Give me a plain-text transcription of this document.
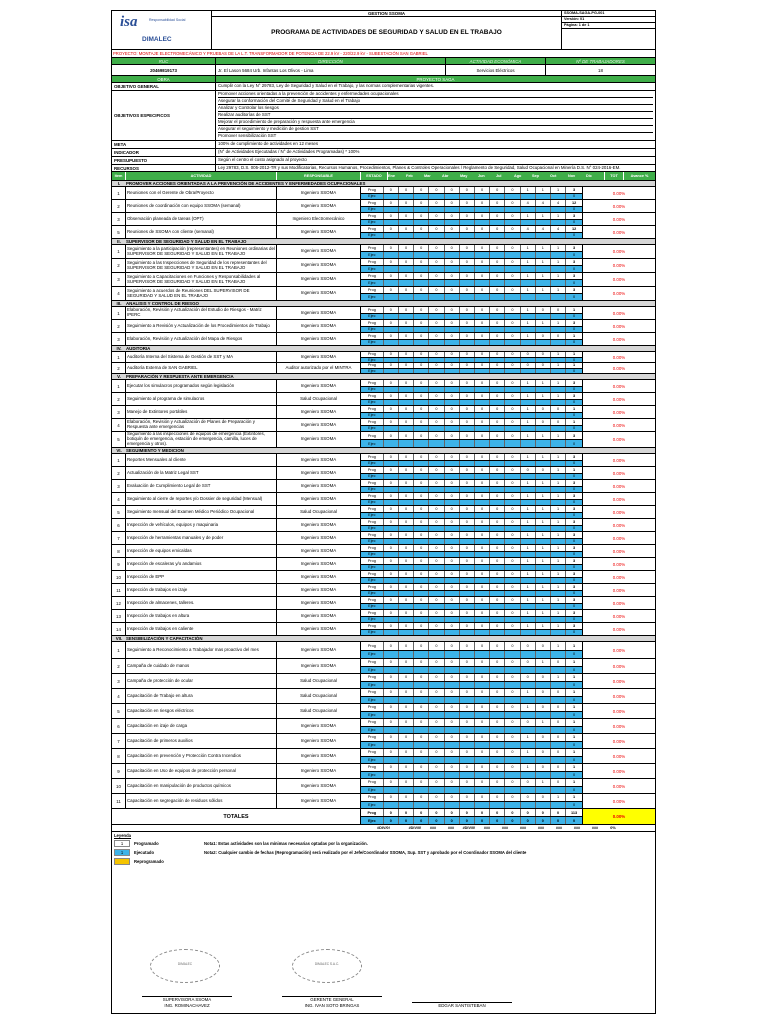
isa	Responsabilidad Social
DIMALEC
GESTION SSOMA
PROGRAMA DE ACTIVIDADES DE SEGURIDAD Y SALUD EN EL TRABAJO
SSOMA-SAGA-PG-001
Versión: 01
Página: 1 de 1
PROYECTO: MONTAJE ELECTROMECÁNICO Y PRUEBAS DE LA L.T. TRANSFORMADOR DE POTENCIA DE 22.9 kV - 220/22.9 kV - SUBESTACIÓN SAN GABRIEL
RUC	DIRECCIÓN	ACTIVIDAD ECONÓMICA	Nº DE TRABAJADORES
20469819173	Jr. El Lason 5684 Urb. Infantas Los Olivos - Lima	Servicios Eléctricos	18
OBRA	PROYECTO SAGA
OBJETIVO GENERAL	Cumplir con la Ley N° 29783, Ley de Seguridad y Salud en el Trabajo, y las normas complementarias vigentes.
OBJETIVOS ESPECIFICOS
Promover acciones orientadas a la prevención de accidentes y enfermedades ocupacionales
Asegurar la conformación del Comité de Seguridad y Salud en el Trabajo
Analizar y Controlar los riesgos
Realizar auditorías de SST
Mejorar el procedimiento de preparación y respuesta ante emergencia
Asegurar el seguimiento y medición de gestion SST
Promover sensibilización SST
META	100% de cumplimiento de actividades en 12 meses
INDICADOR	(N° de Actividades Ejecutadas / N° de Actividades Programadas) * 100%
PRESUPUESTO	Según el centro el costo asignado al proyecto
RECURSOS	Ley 29783, D.S. 005-2012-TR y sus Modificatorias, Recursos Humanos, Procedimientos, Planes & Controles Operacionales / Reglamento de Seguridad, Salud Ocupacional en Minería D.S. N° 024-2016-EM.
Item	ACTIVIDAD	RESPONSABLE	ESTADO	Ene	Feb	Mar	Abr	May	Jun	Jul	Ago	Sep	Oct	Nov	Dic	TOT	Avance %
I.	PROMOVER ACCIONES ORIENTADAS A LA PREVENCIÓN DE ACCIDENTES Y ENFERMEDADES OCUPACIONALES
1	Reuniones con el Gerente de Obra/Proyecto	Ingeniero SSOMA	Prog	0	0	0	0	0	0	0	0	0	1	1	1	3
Ejec	0	0	0	0	0	0	0	0	0	0	0	0	0
0.00%
2	Reuniones de coordinación con equipo SSOMA (semanal)	Ingeniero SSOMA	Prog	0	0	0	0	0	0	0	0	0	4	4	4	12
Ejec	0	0	0	0	0	0	0	0	0	0	0	0	0
0.00%
3	Observación planeada de tareas (OPT)	Ingeniero Electromecánico	Prog	0	0	0	0	0	0	0	0	0	1	1	1	3
Ejec	0	0	0	0	0	0	0	0	0	0	0	0	0
0.00%
5	Reuniones de SSOMA con cliente (semanal)	Ingeniero SSOMA	Prog	0	0	0	0	0	0	0	0	0	4	4	4	12
Ejec	0	0	0	0	0	0	0	0	0	0	0	0	0
0.00%
II.	SUPERVISOR DE SEGURIDAD Y SALUD EN EL TRABAJO
1
Seguimiento a la participación (representantes) en Reuniones ordinarias del SUPERVISOR DE SEGURIDAD Y SALUD EN EL TRABAJO	Ingeniero SSOMA
Prog	0	0	0	0	0	0	0	0	0	1	1	1	3
Ejec	0	0	0	0	0	0	0	0	0	0	0	0	0
0.00%
2
Seguimiento a las Inspecciones de Seguridad de los representantes del SUPERVISOR DE SEGURIDAD Y SALUD EN EL TRABAJO	Ingeniero SSOMA
Prog	0	0	0	0	0	0	0	0	0	1	1	1	3
Ejec	0	0	0	0	0	0	0	0	0	0	0	0	0
0.00%
3
Seguimiento a Capacitaciones en Funciones y Responsabilidades al SUPERVISOR DE SEGURIDAD Y SALUD EN EL TRABAJO	Ingeniero SSOMA
Prog	0	0	0	0	0	0	0	0	0	1	1	1	3
Ejec	0	0	0	0	0	0	0	0	0	0	0	0	0
0.00%
4
Seguimiento a acuerdos de Reuniones DEL SUPERVISOR DE SEGURIDAD Y SALUD EN EL TRABAJO	Ingeniero SSOMA
Prog	0	0	0	0	0	0	0	0	0	1	1	1	3
Ejec	0	0	0	0	0	0	0	0	0	0	0	0	0
0.00%
III.	ANALISIS Y CONTROL DE RIESGO
1
Elaboración, Revisión y Actualización del Estudio de Riesgos - Matriz IPERC	Ingeniero SSOMA	Prog	0	0	0	0	0	0	0	0	0	1	0	0	1
Ejec	0	0	0	0	0	0	0	0	0	0	0	0	0
0.00%
2	Seguimiento a Revisión y Actualización de los Procedimientos de Trabajo	Ingeniero SSOMA	Prog	0	0	0	0	0	0	0	0	0	1	1	1	3
Ejec	0	0	0	0	0	0	0	0	0	0	0	0	0
0.00%
3	Elaboración, Revisión y Actualización del Mapa de Riesgos	Ingeniero SSOMA	Prog	0	0	0	0	0	0	0	0	0	1	0	0	1
Ejec	0	0	0	0	0	0	0	0	0	0	0	0	0
0.00%
IV.	AUDITORIA
1	Auditoría Interna del Sistema de Gestión de SST y MA	Ingeniero SSOMA	Prog	0	0	0	0	0	0	0	0	0	0	0	1	1
Ejec	0	0	0	0	0	0	0	0	0	0	0	0	0
0.00%
2	Auditoría Externa de SAN GABRIEL	Auditor autorizado por el MINTRA	Prog	0	0	0	0	0	0	0	0	0	0	0	1	1
Ejec	0	0	0	0	0	0	0	0	0	0	0	0	0
0.00%
V.	PREPARACIÓN Y RESPUESTA ANTE EMERGENCIA
1	Ejecutar los simulacros programados según legislación	Ingeniero SSOMA	Prog	0	0	0	0	0	0	0	0	0	1	1	1	3
Ejec	0	0	0	0	0	0	0	0	0	0	0	0	0
0.00%
2	Seguimiento al programa de simulacros	Salud Ocupacional	Prog	0	0	0	0	0	0	0	0	0	1	1	1	3
Ejec	0	0	0	0	0	0	0	0	0	0	0	0	0
0.00%
3	Manejo de Extintores portátiles	Ingeniero SSOMA	Prog	0	0	0	0	0	0	0	0	0	1	0	0	1
Ejec	0	0	0	0	0	0	0	0	0	0	0	0	0
0.00%
4
Elaboración, Revisión y Actualización de Planes de Preparación y Respuesta ante emergencias	Ingeniero SSOMA	Prog	0	0	0	0	0	0	0	0	0	1	0	0	1
Ejec	0	0	0	0	0	0	0	0	0	0	0	0	0
0.00%
5
Seguimiento a las inspecciones de equipos de emergencia (Extintores, botiquín de emergencia, estación de emergencia, camilla, luces de emergencia y otros).
Ingeniero SSOMA
Prog	0	0	0	0	0	0	0	0	0	1	1	1	3
Ejec	0	0	0	0	0	0	0	0	0	0	0	0	0
0.00%
VI. SEGUIMIENTO Y MEDICION
1	Reportes Mensuales al cliente	Ingeniero SSOMA	Prog	0	0	0	0	0	0	0	0	0	1	1	1	3
Ejec	0	0	0	0	0	0	0	0	0	0	0	0	0
0.00%
2	Actualización de la Matriz Legal SST	Ingeniero SSOMA	Prog	0	0	0	0	0	0	0	0	0	0	0	1	1
Ejec	0	0	0	0	0	0	0	0	0	0	0	0	0
0.00%
3	Evaluación de Cumplimiento Legal de SST	Ingeniero SSOMA	Prog	0	0	0	0	0	0	0	0	0	1	1	1	3
Ejec	0	0	0	0	0	0	0	0	0	0	0	0	0
0.00%
4	Seguimiento al cierre de reportes y/o Dossier de seguridad (Mensual)	Ingeniero SSOMA	Prog	0	0	0	0	0	0	0	0	0	1	1	1	3
Ejec	0	0	0	0	0	0	0	0	0	0	0	0	0
0.00%
5	Seguimiento mensual del Examen Médico Periódico Ocupacional	Salud Ocupacional	Prog	0	0	0	0	0	0	0	0	0	1	1	1	3
Ejec	0	0	0	0	0	0	0	0	0	0	0	0	0
0.00%
6	Inspección de vehículos, equipos y maquinaria	Ingeniero SSOMA	Prog	0	0	0	0	0	0	0	0	0	1	1	1	3
Ejec	0	0	0	0	0	0	0	0	0	0	0	0	0
0.00%
7	Inspección de herramientas manuales y de poder	Ingeniero SSOMA	Prog	0	0	0	0	0	0	0	0	0	1	1	1	3
Ejec	0	0	0	0	0	0	0	0	0	0	0	0	0
0.00%
8	Inspección de equipos emicaldas	Ingeniero SSOMA	Prog	0	0	0	0	0	0	0	0	0	1	1	1	3
Ejec	0	0	0	0	0	0	0	0	0	0	0	0	0
0.00%
9	Inspección de escaleras y/o andamios	Ingeniero SSOMA	Prog	0	0	0	0	0	0	0	0	0	1	1	1	3
Ejec	0	0	0	0	0	0	0	0	0	0	0	0	0
0.00%
10	Inspección de EPP	Ingeniero SSOMA	Prog	0	0	0	0	0	0	0	0	0	1	1	1	3
Ejec	0	0	0	0	0	0	0	0	0	0	0	0	0
0.00%
11	Inspección de trabajos en izaje	Ingeniero SSOMA	Prog	0	0	0	0	0	0	0	0	0	1	1	1	3
Ejec	0	0	0	0	0	0	0	0	0	0	0	0	0
0.00%
12	Inspección de almacenes, talleres.	Ingeniero SSOMA	Prog	0	0	0	0	0	0	0	0	0	1	1	1	3
Ejec	0	0	0	0	0	0	0	0	0	0	0	0	0
0.00%
13	Inspección de trabajos en altura	Ingeniero SSOMA	Prog	0	0	0	0	0	0	0	0	0	1	1	1	3
Ejec	0	0	0	0	0	0	0	0	0	0	0	0	0
0.00%
14	Inspección de trabajos en caliente	Ingeniero SSOMA	Prog	0	0	0	0	0	0	0	0	0	1	1	1	3
Ejec	0	0	0	0	0	0	0	0	0	0	0	0	0
0.00%
VII. SENSIBILIZACIÓN Y CAPACITACIÓN
1	Seguimiento a Reconocimiento a Trabajador mas proactivo del mes	Ingeniero SSOMA
Prog	0	0	0	0	0	0	0	0	0	0	0	1	1
Ejec	0	0	0	0	0	0	0	0	0	0	0	0	0
0.00%
2	Campaña de cuidado de manos	Ingeniero SSOMA
Prog	0	0	0	0	0	0	0	0	0	0	1	0	1
Ejec	0	0	0	0	0	0	0	0	0	0	0	0	0
0.00%
3	Campaña de protección de ocular	Salud Ocupacional
Prog	0	0	0	0	0	0	0	0	0	0	0	1	1
Ejec	0	0	0	0	0	0	0	0	0	0	0	0	0
0.00%
4	Capacitación de Trabajo en altura	Salud Ocupacional
Prog	0	0	0	0	0	0	0	0	0	1	0	0	1
Ejec	0	0	0	0	0	0	0	0	0	0	0	0	0
0.00%
5	Capacitación en riesgos eléctricos	Salud Ocupacional
Prog	0	0	0	0	0	0	0	0	0	1	0	0	1
Ejec	0	0	0	0	0	0	0	0	0	0	0	0	0
0.00%
6	Capacitación en izaje de carga	Ingeniero SSOMA
Prog	0	0	0	0	0	0	0	0	0	0	1	0	1
Ejec	0	0	0	0	0	0	0	0	0	0	0	0	0
0.00%
7	Capacitación de primeros auxilios	Ingeniero SSOMA
Prog	0	0	0	0	0	0	0	0	0	1	0	0	1
Ejec	0	0	0	0	0	0	0	0	0	0	0	0	0
0.00%
8	Capacitación en prevención y Protección Contra Incendios	Ingeniero SSOMA
Prog	0	0	0	0	0	0	0	0	0	1	0	0	1
Ejec	0	0	0	0	0	0	0	0	0	0	0	0	0
0.00%
9	Capacitación en Uso de equipos de protección personal	Ingeniero SSOMA
Prog	0	0	0	0	0	0	0	0	0	1	0	0	1
Ejec	0	0	0	0	0	0	0	0	0	0	0	0	0
0.00%
10	Capacitación en manipulación de productos químicos	Ingeniero SSOMA
Prog	0	0	0	0	0	0	0	0	0	0	1	0	1
Ejec	0	0	0	0	0	0	0	0	0	0	0	0	0
0.00%
11	Capacitación en segregación de residuos sólidos	Ingeniero SSOMA
Prog	0	0	0	0	0	0	0	0	0	0	0	1	1
Ejec	0	0	0	0	0	0	0	0	0	0	0	0	0
0.00%
TOTALES
Prog	0	0	0	0	0	0	0	0	0	0	0	0	113
Ejec	0	0	0	0	0	0	0	0	0	0	0	0	0
0.00%
#DIV/0!	#DIV/0!	###	###	#DIV/0!	###	###	###	###	###	###	###	0%
Leyenda
1	Programado	Nota1: Estas actividades son las mínimas necesarias optadas por la organización.
1	Ejecutado	Nota2: Cualquier cambio de fechas (Reprogramación) será realizado por el Jefe/Coordinador SSOMA, Sup. SST y aprobado por el Coordinador SSOMA del cliente
Reprogramado
DIMALEC	DIMALEC S.A.C.
SUPERVISORA SSOMA
ING. ROMINACHAVEZ
GERENTE GENERAL
ING. IVAN SOTO BRINGAS	EDGAR SANTISTEBAN
